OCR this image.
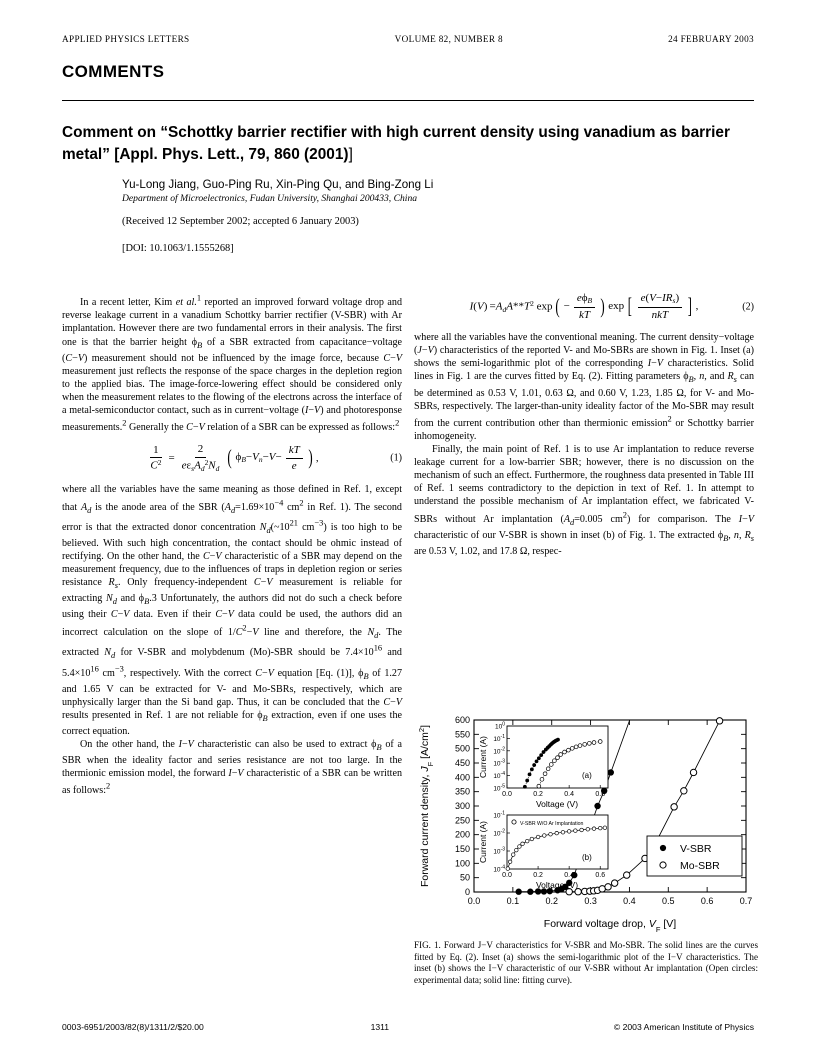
APPLIED PHYSICS LETTERS	VOLUME 82, NUMBER 8	24 FEBRUARY 2003
COMMENTS
Comment on “Schottky barrier rectifier with high current density using vanadium as barrier metal” [Appl. Phys. Lett., 79, 860 (2001)]
Yu-Long Jiang, Guo-Ping Ru, Xin-Ping Qu, and Bing-Zong Li
Department of Microelectronics, Fudan University, Shanghai 200433, China
(Received 12 September 2002; accepted 6 January 2003)
[DOI: 10.1063/1.1555268]

In a recent letter, Kim et al.$^1$ reported an improved forward voltage drop and reverse leakage current in a vanadium Schottky barrier rectifier (V-SBR) with Ar implantation. However there are two fundamental errors in their analysis. The first one is that the barrier height $\phi_B$ of a SBR extracted from capacitance−voltage (C−V) measurement should not be influenced by the image force, because C−V measurement just reflects the response of the space charges in the depletion region to the applied bias. The image-force-lowering effect should be considered only when the measurement relates to the flowing of the electrons across the interface of a metal-semiconductor contact, such as in current−voltage (I−V) and photoresponse measurements.$^2$ Generally the C−V relation of a SBR can be expressed as follows:$^2$

$\frac{1}{C^2} = \frac{2}{e\varepsilon_sA_d^2N_d}$ ( $\phi_B-V_n-V- \frac{kT}{e}$ ) ,	(1)

where all the variables have the same meaning as those defined in Ref. 1, except that $A_d$ is the anode area of the SBR ($A_d=1.69\times 10^{-4}$ $cm^2$ in Ref. 1). The second error is that the extracted donor concentration $N_d(\sim 10^{21}$ $cm^{-3}$) is too high to be believed. With such high concentration, the contact should be ohmic instead of rectifying. On the other hand, the C−V characteristic of a SBR may depend on the measurement frequency, due to the influences of traps in depletion region or series resistance $R_s$. Only frequency-independent C−V measurement is reliable for extracting $N_d$ and $\phi_B.3$ Unfortunately, the authors did not do such a check before using their C−V data. Even if their C−V data could be used, the authors did an incorrect calculation on the slope of $1/C^2-V$ line and therefore, the $N_d$. The extracted $N_d$ for V-SBR and molybdenum (Mo)-SBR should be $7.4\times 10^{16}$ and $5.4\times 10^{16}$ $cm^{-3}$, respectively. With the correct C−V equation [Eq. (1)], $\phi_B$ of 1.27 and 1.65 V can be extracted for V- and Mo-SBRs, respectively, which are unphysically larger than the Si band gap. Thus, it can be concluded that the C−V results presented in Ref. 1 are not reliable for $\phi_B$ extraction, even if one uses the correct equation.

On the other hand, the I−V characteristic can also be used to extract $\phi_B$ of a SBR when the ideality factor and series resistance are not too large. In the thermionic emission model, the forward I−V characteristic of a SBR can be written as follows:$^2$

$I(V) =A_dA**T^2$ exp ( − $\frac{e\phi_B}{kT}$ ) exp [ $\frac{e(V-IR_s)}{\text{nkT}}$ ] ,	(2)

where all the variables have the conventional meaning. The current density−voltage (J−V) characteristics of the reported V- and Mo-SBRs are shown in Fig. 1. Inset (a) shows the semi-logarithmic plot of the corresponding I−V characteristics. Solid lines in Fig. 1 are the curves fitted by Eq. (2). Fitting parameters $\phi_B$, n, and $R_s$ can be determined as 0.53 V, 1.01, 0.63 Ω, and 0.60 V, 1.23, 1.85 Ω, for V- and Mo-SBRs, respectively. The larger-than-unity ideality factor of the Mo-SBR may result from the current contribution other than thermionic emission$^2$ or Schottky barrier inhomogeneity.

Finally, the main point of Ref. 1 is to use Ar implantation to reduce reverse leakage current for a low-barrier SBR; however, there is no discussion on the mechanism of such an effect. Furthermore, the roughness data presented in Table III of Ref. 1 seems contradictory to the depiction in text of Ref. 1. In attempt to understand the possible mechanism of Ar implantation effect, we fabricated V-SBRs without Ar implantation ($A_d=0.005$ $cm^2$) for comparison. The I−V characteristic of our V-SBR is shown in inset (b) of Fig. 1. The extracted $\phi_B$, n, $R_s$ are 0.53 V, 1.02, and 17.8 Ω, respec-

0
50
100
150
200
250
300
350
400
450
500
550
600
0.0	0.1	0.2	0.3	0.4	0.5	0.6	0.7
Forward current density, $J_F$ $[A/cm^2]$
Forward voltage drop, $V_F$ [V]
V-SBR
Mo-SBR
0.0	0.2	0.4	0.6
$10^{-5}$
$10^{-4}$
$10^{-3}$
$10^{-2}$
$10^{-1}$
$10^0$
(a)
Voltage (V)
Current (A)
0.0	0.2	0.4	0.6
$10^{-4}$
$10^{-3}$
$10^{-2}$
$10^{-1}$
V-SBR W/O Ar Implantation
(b)
Voltage (V)
Current (A)
FIG. 1. Forward J−V characteristics for V-SBR and Mo-SBR. The solid lines are the curves fitted by Eq. (2). Inset (a) shows the semi-logarithmic plot of the I−V characteristics. The inset (b) shows the I−V characteristic of our V-SBR without Ar implantation (Open circles: experimental data; solid line: fitting curve).
0003-6951/2003/82(8)/1311/2/$20.00	1311	© 2003 American Institute of Physics
